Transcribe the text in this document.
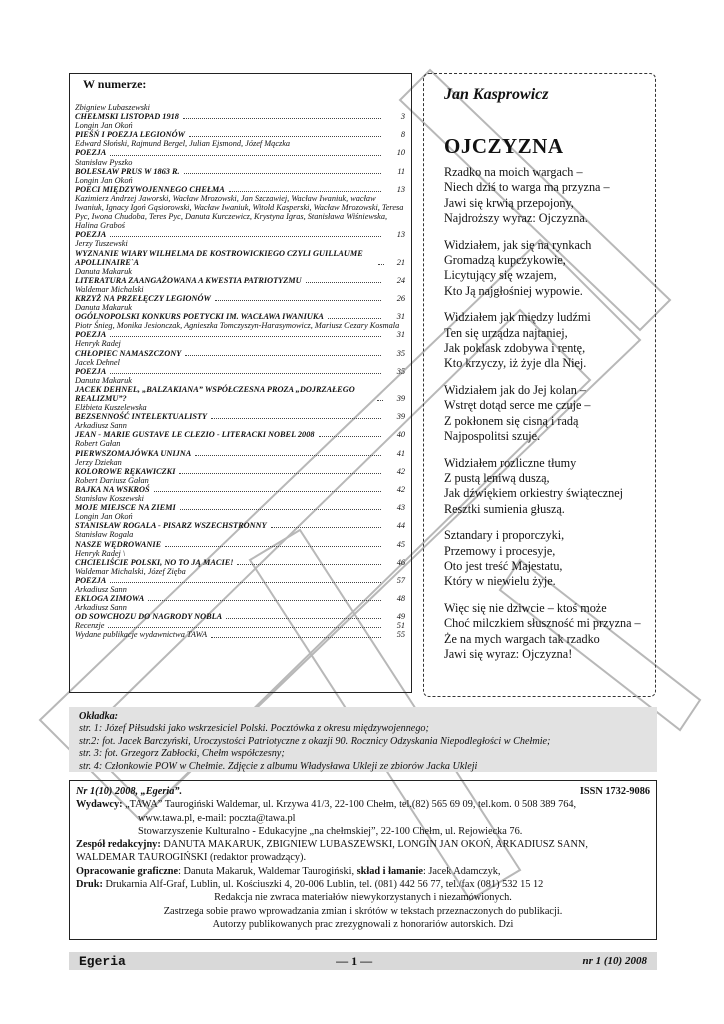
W numerze:
Zbigniew Lubaszewski
CHEŁMSKI LISTOPAD 1918	3
Longin Jan Okoń
PIEŚŃ I POEZJA LEGIONÓW	8
Edward Słoński, Rajmund Bergel, Julian Ejsmond, Józef Mączka
POEZJA	10
Stanisław Pyszko
BOLESŁAW PRUS W 1863 R.	11
Longin Jan Okoń
POECI MIĘDZYWOJENNEGO CHEŁMA	13
Kazimierz Andrzej Jaworski, Wacław Mrozowski, Jan Szczawiej, Wacław Iwaniuk, wacław Iwaniuk, Ignacy Igoń Gąsiorowski, Wacław Iwaniuk, Witold Kasperski, Wacław Mrozowski, Teresa Pyc, Iwona Chudoba, Teres Pyc, Danuta Kurczewicz, Krystyna Igras, Stanisława Wiśniewska, Halina Graboś
POEZJA	13
Jerzy Tuszewski
WYZNANIE WIARY WILHELMA DE KOSTROWICKIEGO CZYLI GUILLAUME APOLLINAIRE`A	21
Danuta Makaruk
LITERATURA ZAANGAŻOWANA A KWESTIA PATRIOTYZMU	24
Waldemar Michalski
KRZYŻ NA PRZEŁĘCZY LEGIONÓW	26
Danuta Makaruk
OGÓLNOPOLSKI KONKURS POETYCKI IM. WACŁAWA IWANIUKA	31
Piotr Śnieg, Monika Jesionczak, Agnieszka Tomczyszyn-Harasymowicz, Mariusz Cezary Kosmala
POEZJA	31
Henryk Radej
CHŁOPIEC NAMASZCZONY	35
Jacek Dehnel
POEZJA	35
Danuta Makaruk
JACEK DEHNEL, „BALZAKIANA” WSPÓŁCZESNA PROZA „DOJRZAŁEGO REALIZMU”?	39
Elżbieta Kuszelewska
BEZSENNOŚĆ INTELEKTUALISTY	39
Arkadiusz Sann
JEAN - MARIE GUSTAVE LE CLEZIO - LITERACKI NOBEL 2008	40
Robert Gałan
PIERWSZOMAJÓWKA UNIJNA	41
Jerzy Dziekan
KOLOROWE RĘKAWICZKI	42
Robert Dariusz Gałan
BAJKA NA WSKROŚ	42
Stanisław Koszewski
MOJE MIEJSCE NA ZIEMI	43
Longin Jan Okoń
STANISŁAW ROGALA - PISARZ WSZECHSTRONNY	44
Stanisław Rogala
NASZE WĘDROWANIE	45
Henryk Radej \
CHCIELIŚCIE POLSKI, NO TO JĄ MACIE!	46
Waldemar Michalski, Józef Zięba
POEZJA	57
Arkadiusz Sann
EKLOGA ZIMOWA	48
Arkadiusz Sann
OD SOWCHOZU DO NAGRODY NOBLA	49
Recenzje	51
Wydane publikacje wydawnictwa TAWA	55
Jan Kasprowicz
OJCZYZNA
Rzadko na moich wargach –
Niech dziś to warga ma przyzna –
Jawi się krwią przepojony,
Najdroższy wyraz: Ojczyzna.
Widziałem, jak się na rynkach
Gromadzą kupczykowie,
Licytujący się wzajem,
Kto Ją najgłośniej wypowie.
Widziałem jak między ludźmi
Ten się urządza najtaniej,
Jak poklask zdobywa i rentę,
Kto krzyczy, iż żyje dla Niej.
Widziałem jak do Jej kolan –
Wstręt dotąd serce me czuje –
Z pokłonem się cisną i radą
Najpospolitsi szuje.
Widziałem rozliczne tłumy
Z pustą leniwą duszą,
Jak dźwiękiem orkiestry świątecznej
Resztki sumienia głuszą.
Sztandary i proporczyki,
Przemowy i procesyje,
Oto jest treść Majestatu,
Który w niewielu żyje.
Więc się nie dziwcie – ktoś może
Choć milczkiem słuszność mi przyzna –
Że na mych wargach tak rzadko
Jawi się wyraz: Ojczyzna!
Okładka:
str. 1: Józef Piłsudski jako wskrzesiciel Polski. Pocztówka z okresu międzywojennego;
str.2: fot. Jacek Barczyński, Uroczystości Patriotyczne z okazji 90. Rocznicy Odzyskania Niepodległości w Chełmie;
str. 3: fot. Grzegorz Zabłocki, Chełm współczesny;
str. 4: Członkowie POW w Chełmie. Zdjęcie z albumu Władysława Ukleji ze zbiorów Jacka Ukleji
Nr 1(10) 2008, „Egeria”.	ISSN 1732-9086
Wydawcy: „TAWA” Taurogiński Waldemar, ul. Krzywa 41/3, 22-100 Chełm, tel.(82) 565 69 09, tel.kom. 0 508 389 764,
www.tawa.pl, e-mail: poczta@tawa.pl
Stowarzyszenie Kulturalno - Edukacyjne „na chełmskiej”, 22-100 Chełm, ul. Rejowiecka 76.
Zespół redakcyjny: DANUTA MAKARUK, ZBIGNIEW LUBASZEWSKI, LONGIN JAN OKOŃ, ARKADIUSZ SANN,
WALDEMAR TAUROGIŃSKI (redaktor prowadzący).
Opracowanie graficzne: Danuta Makaruk, Waldemar Taurogiński, skład i łamanie: Jacek Adamczyk,
Druk: Drukarnia Alf-Graf, Lublin, ul. Kościuszki 4, 20-006 Lublin, tel. (081) 442 56 77, tel./fax (081) 532 15 12
Redakcja nie zwraca materiałów niewykorzystanych i niezamówionych.
Zastrzega sobie prawo wprowadzania zmian i skrótów w tekstach przeznaczonych do publikacji.
Autorzy publikowanych prac zrezygnowali z honorariów autorskich. Dzi
Egeria	— 1 —	nr 1 (10) 2008
